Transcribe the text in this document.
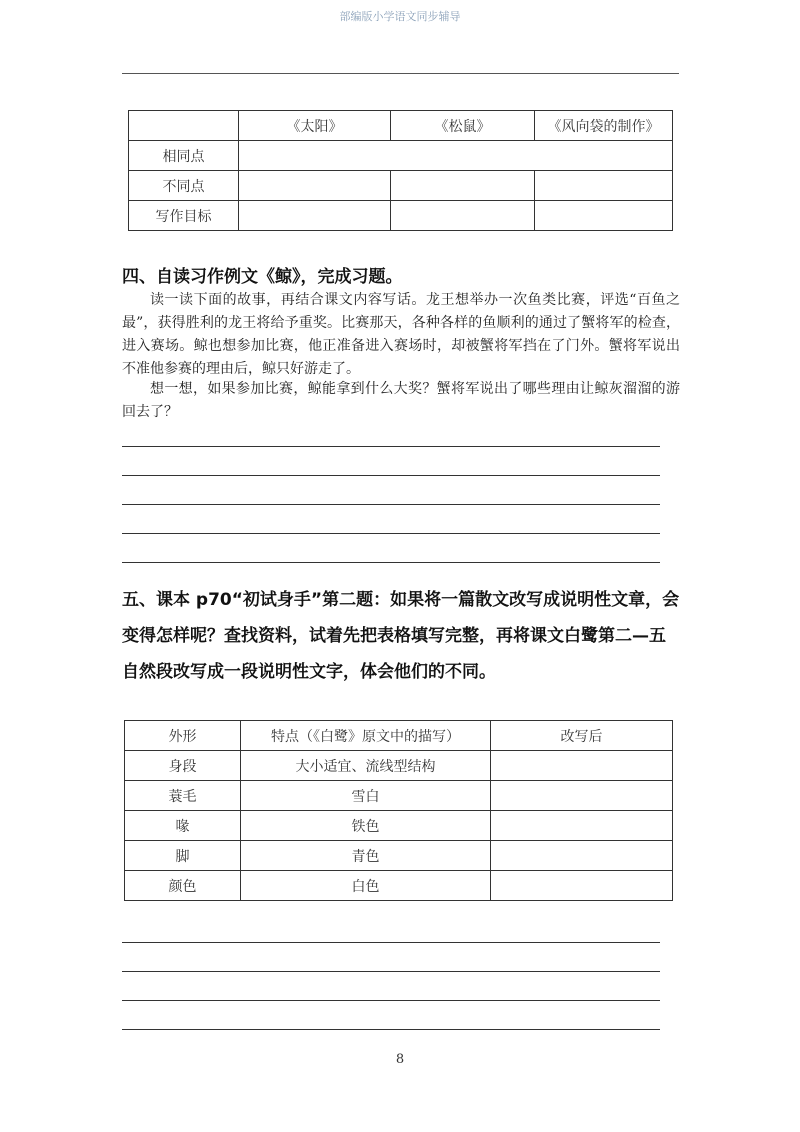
部编版小学语文同步辅导
	《太阳》	《松鼠》	《风向袋的制作》
相同点			
不同点			
写作目标			
四、自读习作例文《鲸》，完成习题。
读一读下面的故事，再结合课文内容写话。龙王想举办一次鱼类比赛，评选“百鱼之最”，获得胜利的龙王将给予重奖。比赛那天，各种各样的鱼顺利的通过了蟹将军的检查，进入赛场。鲸也想参加比赛，他正准备进入赛场时，却被蟹将军挡在了门外。蟹将军说出不准他参赛的理由后，鲸只好游走了。
想一想，如果参加比赛，鲸能拿到什么大奖？蟹将军说出了哪些理由让鲸灰溜溜的游回去了？
五、课本 p70“初试身手”第二题：如果将一篇散文改写成说明性文章，会变得怎样呢？查找资料，试着先把表格填写完整，再将课文白鹭第二—五自然段改写成一段说明性文字，体会他们的不同。
外形	特点（《白鹭》原文中的描写）	改写后
身段	大小适宜、流线型结构	
蓑毛	雪白	
喙	铁色	
脚	青色	
颜色	白色	
8
